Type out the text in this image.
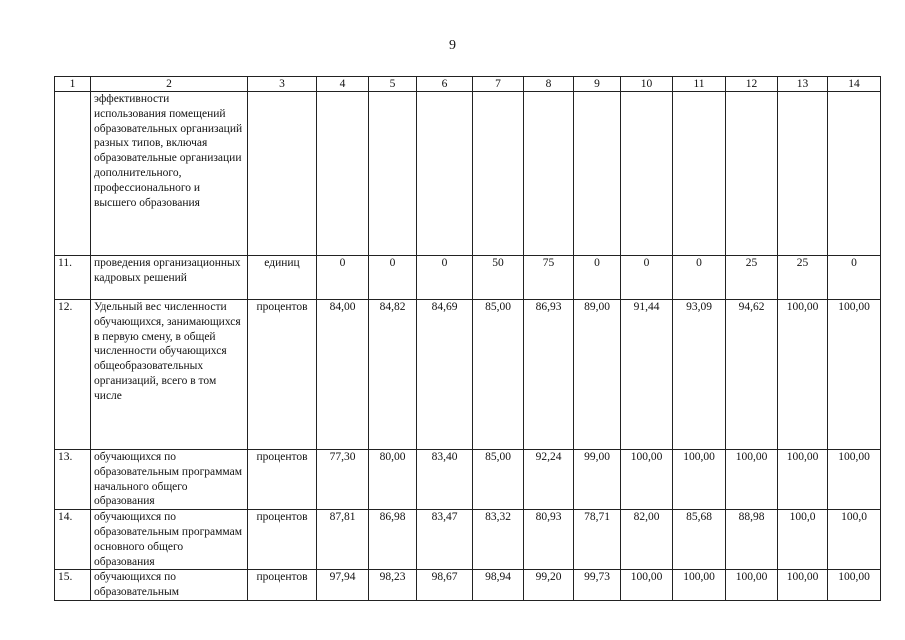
9
1	2	3	4	5	6	7	8	9	10	11	12	13	14
	эффективности использования помещений образовательных организаций разных типов, включая образовательные организации дополнительного, профессионального и высшего образования												
11.	проведения организационных кадровых решений	единиц	0	0	0	50	75	0	0	0	25	25	0
12.	Удельный вес численности обучающихся, занимающихся в первую смену, в общей численности обучающихся общеобразовательных организаций, всего в том числе	процентов	84,00	84,82	84,69	85,00	86,93	89,00	91,44	93,09	94,62	100,00	100,00
13.	обучающихся по образовательным программам начального общего образования	процентов	77,30	80,00	83,40	85,00	92,24	99,00	100,00	100,00	100,00	100,00	100,00
14.	обучающихся по образовательным программам основного общего образования	процентов	87,81	86,98	83,47	83,32	80,93	78,71	82,00	85,68	88,98	100,0	100,0
15.	обучающихся по образовательным	процентов	97,94	98,23	98,67	98,94	99,20	99,73	100,00	100,00	100,00	100,00	100,00
